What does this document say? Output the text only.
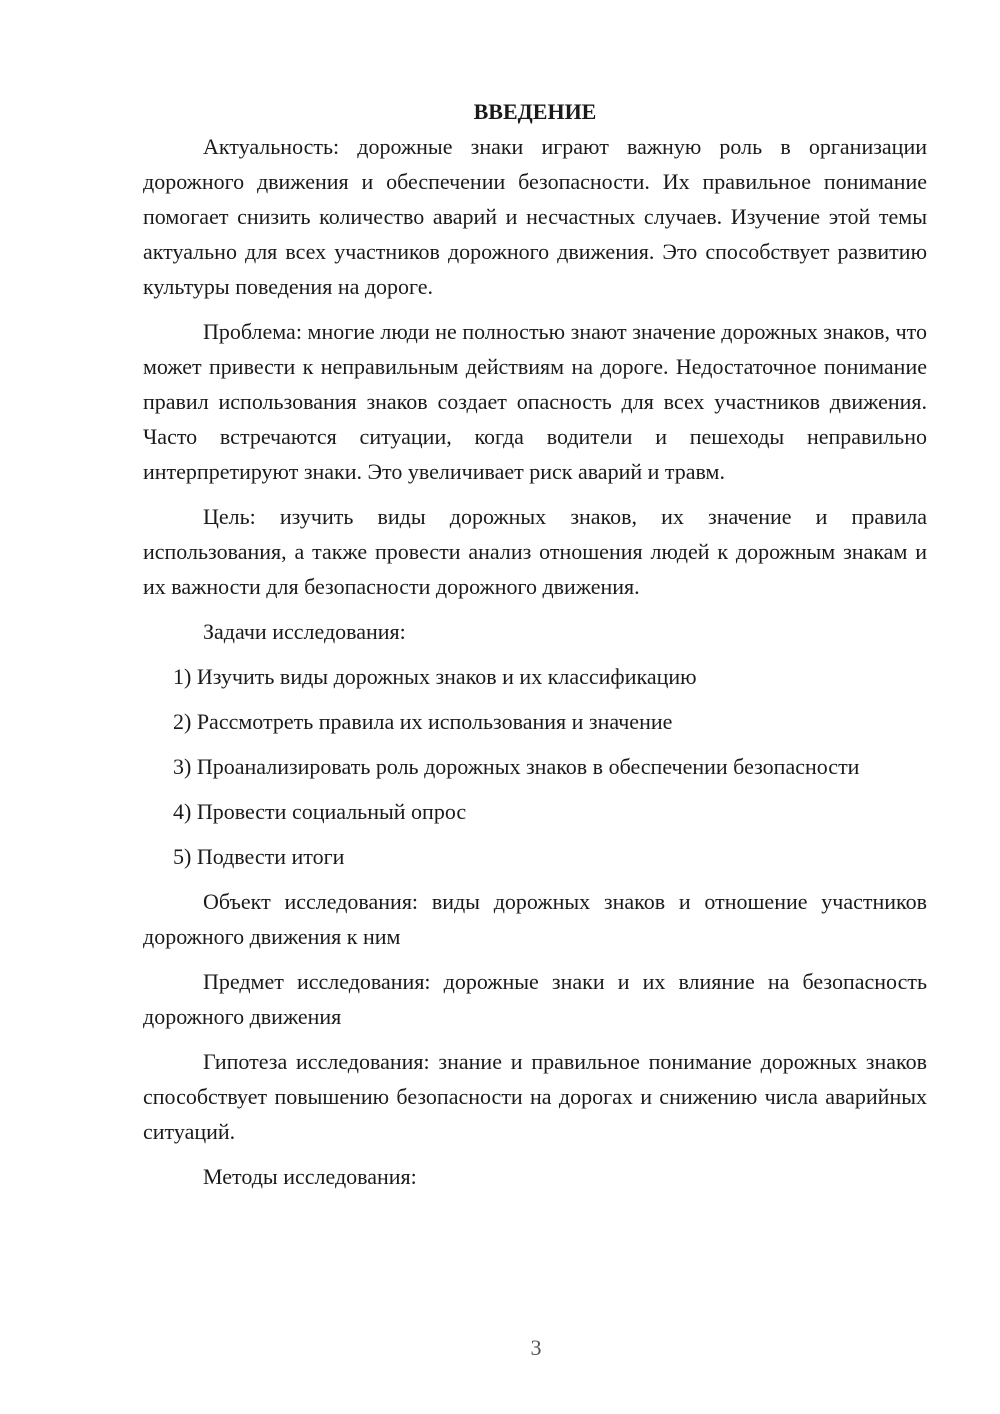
ВВЕДЕНИЕ

Актуальность: дорожные знаки играют важную роль в организации дорожного движения и обеспечении безопасности. Их правильное понимание помогает снизить количество аварий и несчастных случаев. Изучение этой темы актуально для всех участников дорожного движения. Это способствует развитию культуры поведения на дороге.

Проблема: многие люди не полностью знают значение дорожных знаков, что может привести к неправильным действиям на дороге. Недостаточное понимание правил использования знаков создает опасность для всех участников движения. Часто встречаются ситуации, когда водители и пешеходы неправильно интерпретируют знаки. Это увеличивает риск аварий и травм.

Цель: изучить виды дорожных знаков, их значение и правила использования, а также провести анализ отношения людей к дорожным знакам и их важности для безопасности дорожного движения.

Задачи исследования:

1) Изучить виды дорожных знаков и их классификацию

2) Рассмотреть правила их использования и значение

3) Проанализировать роль дорожных знаков в обеспечении безопасности

4) Провести социальный опрос

5) Подвести итоги

Объект исследования: виды дорожных знаков и отношение участников дорожного движения к ним

Предмет исследования: дорожные знаки и их влияние на безопасность дорожного движения

Гипотеза исследования: знание и правильное понимание дорожных знаков способствует повышению безопасности на дорогах и снижению числа аварийных ситуаций.

Методы исследования:

3
